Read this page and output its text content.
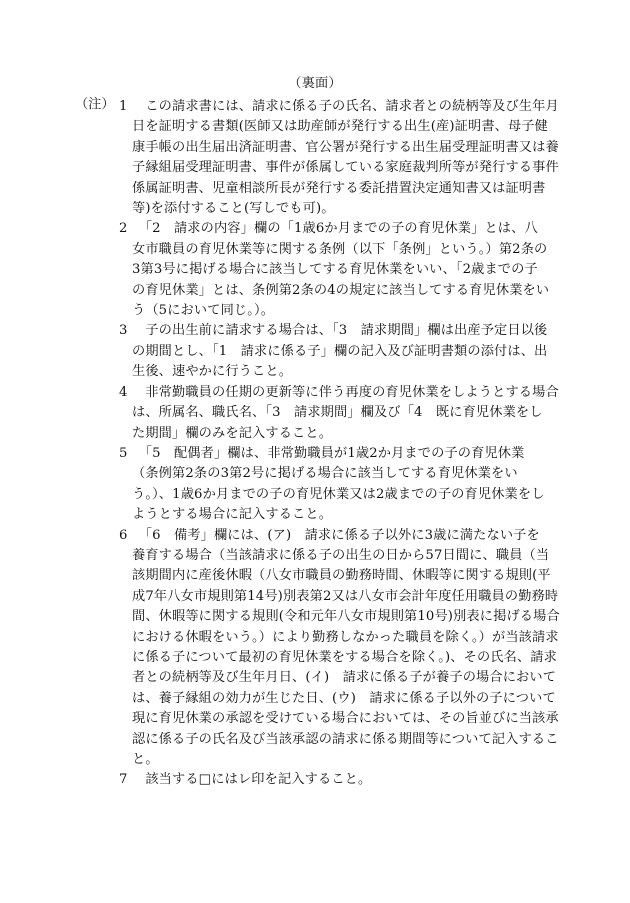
（裏面）
（注） 1 　この請求書には、請求に係る子の氏名、請求者との続柄等及び生年月
日を証明する書類(医師又は助産師が発行する出生(産)証明書、母子健
康手帳の出生届出済証明書、官公署が発行する出生届受理証明書又は養
子縁組届受理証明書、事件が係属している家庭裁判所等が発行する事件
係属証明書、児童相談所長が発行する委託措置決定通知書又は証明書
等)を添付すること(写しでも可)。
2 　「2　請求の内容」欄の「1歳6か月までの子の育児休業」とは、八
女市職員の育児休業等に関する条例（以下「条例」という。）第2条の
3第3号に掲げる場合に該当してする育児休業をいい、「2歳までの子
の育児休業」とは、条例第2条の4の規定に該当してする育児休業をい
う（5において同じ。）。
3 　子の出生前に請求する場合は、「3　請求期間」欄は出産予定日以後
の期間とし、「1　請求に係る子」欄の記入及び証明書類の添付は、出
生後、速やかに行うこと。
4 　非常勤職員の任期の更新等に伴う再度の育児休業をしようとする場合
は、所属名、職氏名、「3　請求期間」欄及び「4　既に育児休業をし
た期間」欄のみを記入すること。
5 　「5　配偶者」欄は、非常勤職員が1歳2か月までの子の育児休業
（条例第2条の3第2号に掲げる場合に該当してする育児休業をい
う。）、1歳6か月までの子の育児休業又は2歳までの子の育児休業をし
ようとする場合に記入すること。
6 　「6　備考」欄には、(ア)　請求に係る子以外に3歳に満たない子を
養育する場合（当該請求に係る子の出生の日から57日間に、職員（当
該期間内に産後休暇（八女市職員の勤務時間、休暇等に関する規則(平
成7年八女市規則第14号)別表第2又は八女市会計年度任用職員の勤務時
間、休暇等に関する規則(令和元年八女市規則第10号)別表に掲げる場合
における休暇をいう。）により勤務しなかった職員を除く。）が当該請求
に係る子について最初の育児休業をする場合を除く。)、その氏名、請求
者との続柄等及び生年月日、(イ)　請求に係る子が養子の場合において
は、養子縁組の効力が生じた日、(ウ)　請求に係る子以外の子について
現に育児休業の承認を受けている場合においては、その旨並びに当該承
認に係る子の氏名及び当該承認の請求に係る期間等について記入するこ
と。
7 　該当する□にはレ印を記入すること。
